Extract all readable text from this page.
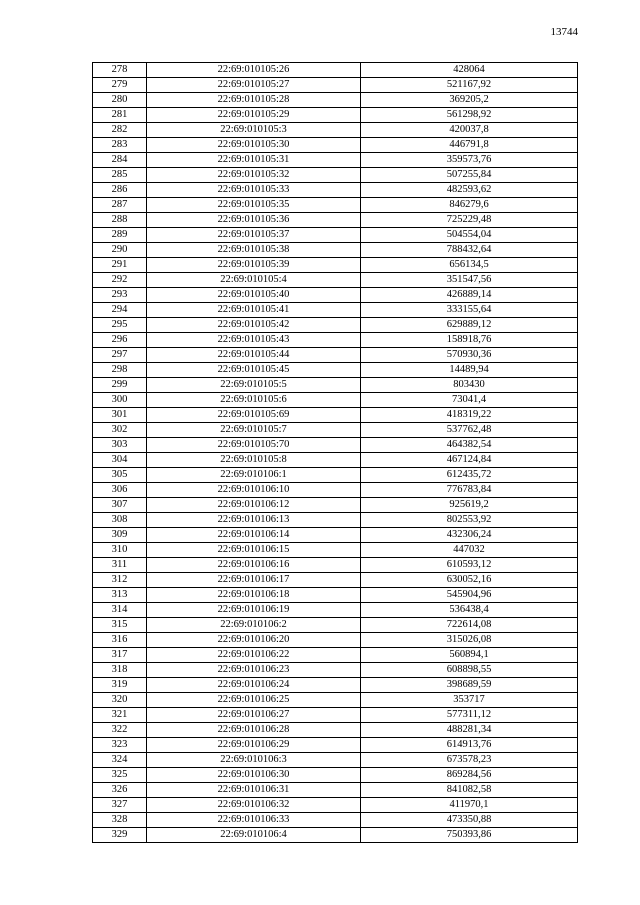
13744
278	22:69:010105:26	428064
279	22:69:010105:27	521167,92
280	22:69:010105:28	369205,2
281	22:69:010105:29	561298,92
282	22:69:010105:3	420037,8
283	22:69:010105:30	446791,8
284	22:69:010105:31	359573,76
285	22:69:010105:32	507255,84
286	22:69:010105:33	482593,62
287	22:69:010105:35	846279,6
288	22:69:010105:36	725229,48
289	22:69:010105:37	504554,04
290	22:69:010105:38	788432,64
291	22:69:010105:39	656134,5
292	22:69:010105:4	351547,56
293	22:69:010105:40	426889,14
294	22:69:010105:41	333155,64
295	22:69:010105:42	629889,12
296	22:69:010105:43	158918,76
297	22:69:010105:44	570930,36
298	22:69:010105:45	14489,94
299	22:69:010105:5	803430
300	22:69:010105:6	73041,4
301	22:69:010105:69	418319,22
302	22:69:010105:7	537762,48
303	22:69:010105:70	464382,54
304	22:69:010105:8	467124,84
305	22:69:010106:1	612435,72
306	22:69:010106:10	776783,84
307	22:69:010106:12	925619,2
308	22:69:010106:13	802553,92
309	22:69:010106:14	432306,24
310	22:69:010106:15	447032
311	22:69:010106:16	610593,12
312	22:69:010106:17	630052,16
313	22:69:010106:18	545904,96
314	22:69:010106:19	536438,4
315	22:69:010106:2	722614,08
316	22:69:010106:20	315026,08
317	22:69:010106:22	560894,1
318	22:69:010106:23	608898,55
319	22:69:010106:24	398689,59
320	22:69:010106:25	353717
321	22:69:010106:27	577311,12
322	22:69:010106:28	488281,34
323	22:69:010106:29	614913,76
324	22:69:010106:3	673578,23
325	22:69:010106:30	869284,56
326	22:69:010106:31	841082,58
327	22:69:010106:32	411970,1
328	22:69:010106:33	473350,88
329	22:69:010106:4	750393,86
